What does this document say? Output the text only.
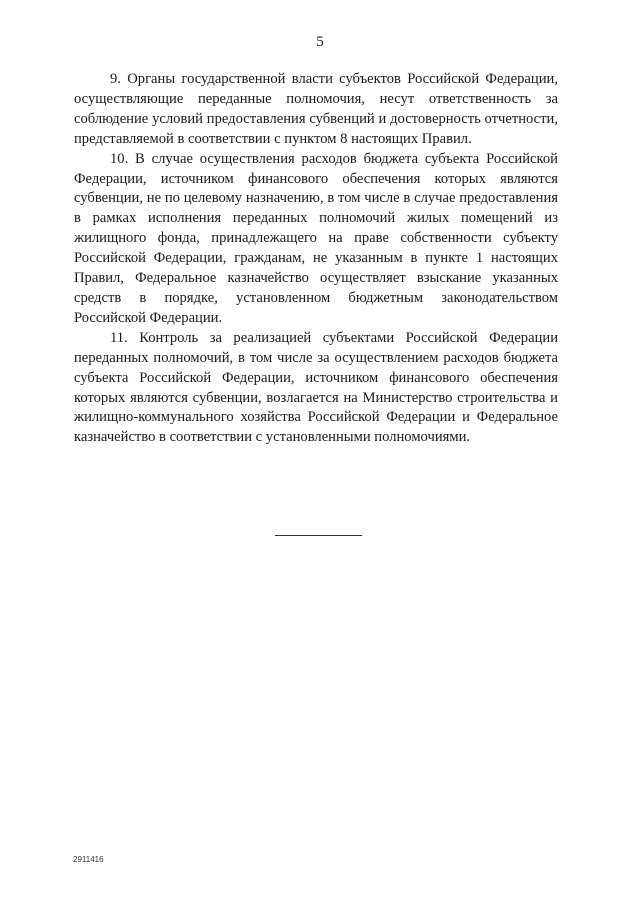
5

9. Органы государственной власти субъектов Российской Федерации, осуществляющие переданные полномочия, несут ответственность за соблюдение условий предоставления субвенций и достоверность отчетности, представляемой в соответствии с пунктом 8 настоящих Правил.

10. В случае осуществления расходов бюджета субъекта Российской Федерации, источником финансового обеспечения которых являются субвенции, не по целевому назначению, в том числе в случае предоставления в рамках исполнения переданных полномочий жилых помещений из жилищного фонда, принадлежащего на праве собственности субъекту Российской Федерации, гражданам, не указанным в пункте 1 настоящих Правил, Федеральное казначейство осуществляет взыскание указанных средств в порядке, установленном бюджетным законодательством Российской Федерации.

11. Контроль за реализацией субъектами Российской Федерации переданных полномочий, в том числе за осуществлением расходов бюджета субъекта Российской Федерации, источником финансового обеспечения которых являются субвенции, возлагается на Министерство строительства и жилищно-коммунального хозяйства Российской Федерации и Федеральное казначейство в соответствии с установленными полномочиями.

2911416
